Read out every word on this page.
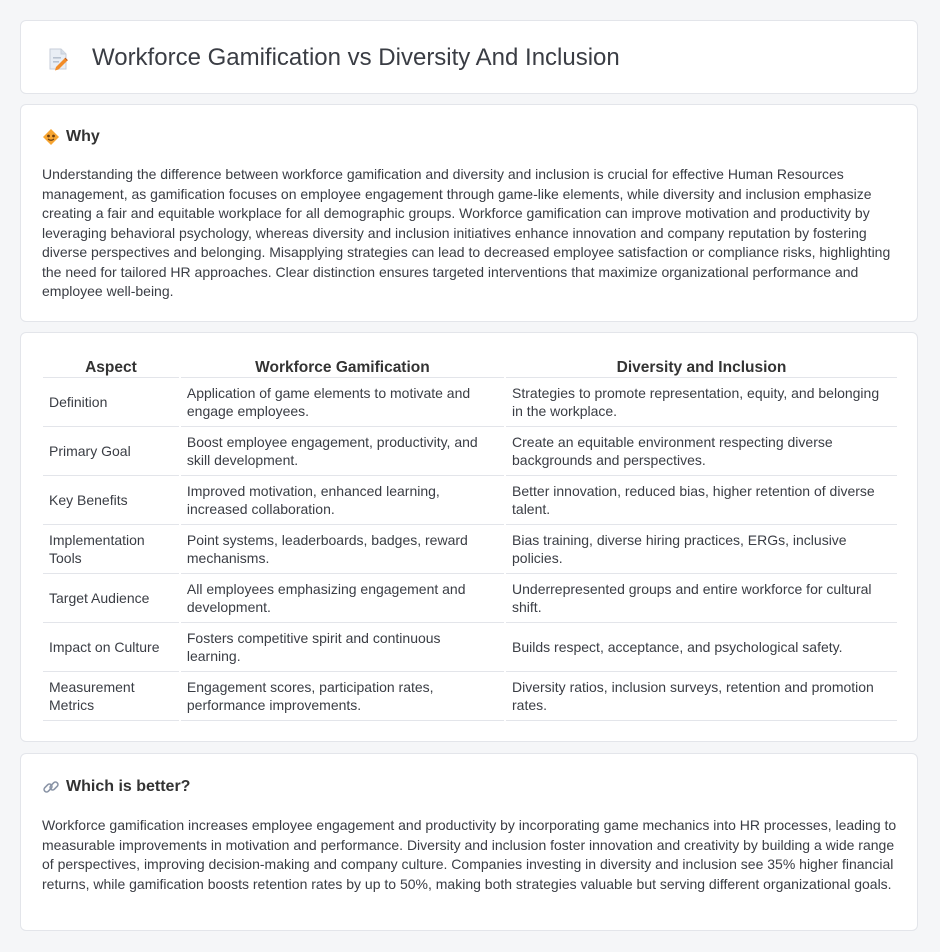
Workforce Gamification vs Diversity And Inclusion
Why

Understanding the difference between workforce gamification and diversity and inclusion is crucial for effective Human Resources management, as gamification focuses on employee engagement through game-like elements, while diversity and inclusion emphasize creating a fair and equitable workplace for all demographic groups. Workforce gamification can improve motivation and productivity by leveraging behavioral psychology, whereas diversity and inclusion initiatives enhance innovation and company reputation by fostering diverse perspectives and belonging. Misapplying strategies can lead to decreased employee satisfaction or compliance risks, highlighting the need for tailored HR approaches. Clear distinction ensures targeted interventions that maximize organizational performance and employee well-being.

Aspect	Workforce Gamification	Diversity and Inclusion
Definition	Application of game elements to motivate and engage employees.	Strategies to promote representation, equity, and belonging in the workplace.
Primary Goal	Boost employee engagement, productivity, and skill development.	Create an equitable environment respecting diverse backgrounds and perspectives.
Key Benefits	Improved motivation, enhanced learning, increased collaboration.	Better innovation, reduced bias, higher retention of diverse talent.
Implementation Tools	Point systems, leaderboards, badges, reward mechanisms.	Bias training, diverse hiring practices, ERGs, inclusive policies.
Target Audience	All employees emphasizing engagement and development.	Underrepresented groups and entire workforce for cultural shift.
Impact on Culture	Fosters competitive spirit and continuous learning.	Builds respect, acceptance, and psychological safety.
Measurement Metrics	Engagement scores, participation rates, performance improvements.	Diversity ratios, inclusion surveys, retention and promotion rates.
Which is better?

Workforce gamification increases employee engagement and productivity by incorporating game mechanics into HR processes, leading to measurable improvements in motivation and performance. Diversity and inclusion foster innovation and creativity by building a wide range of perspectives, improving decision-making and company culture. Companies investing in diversity and inclusion see 35% higher financial returns, while gamification boosts retention rates by up to 50%, making both strategies valuable but serving different organizational goals.
